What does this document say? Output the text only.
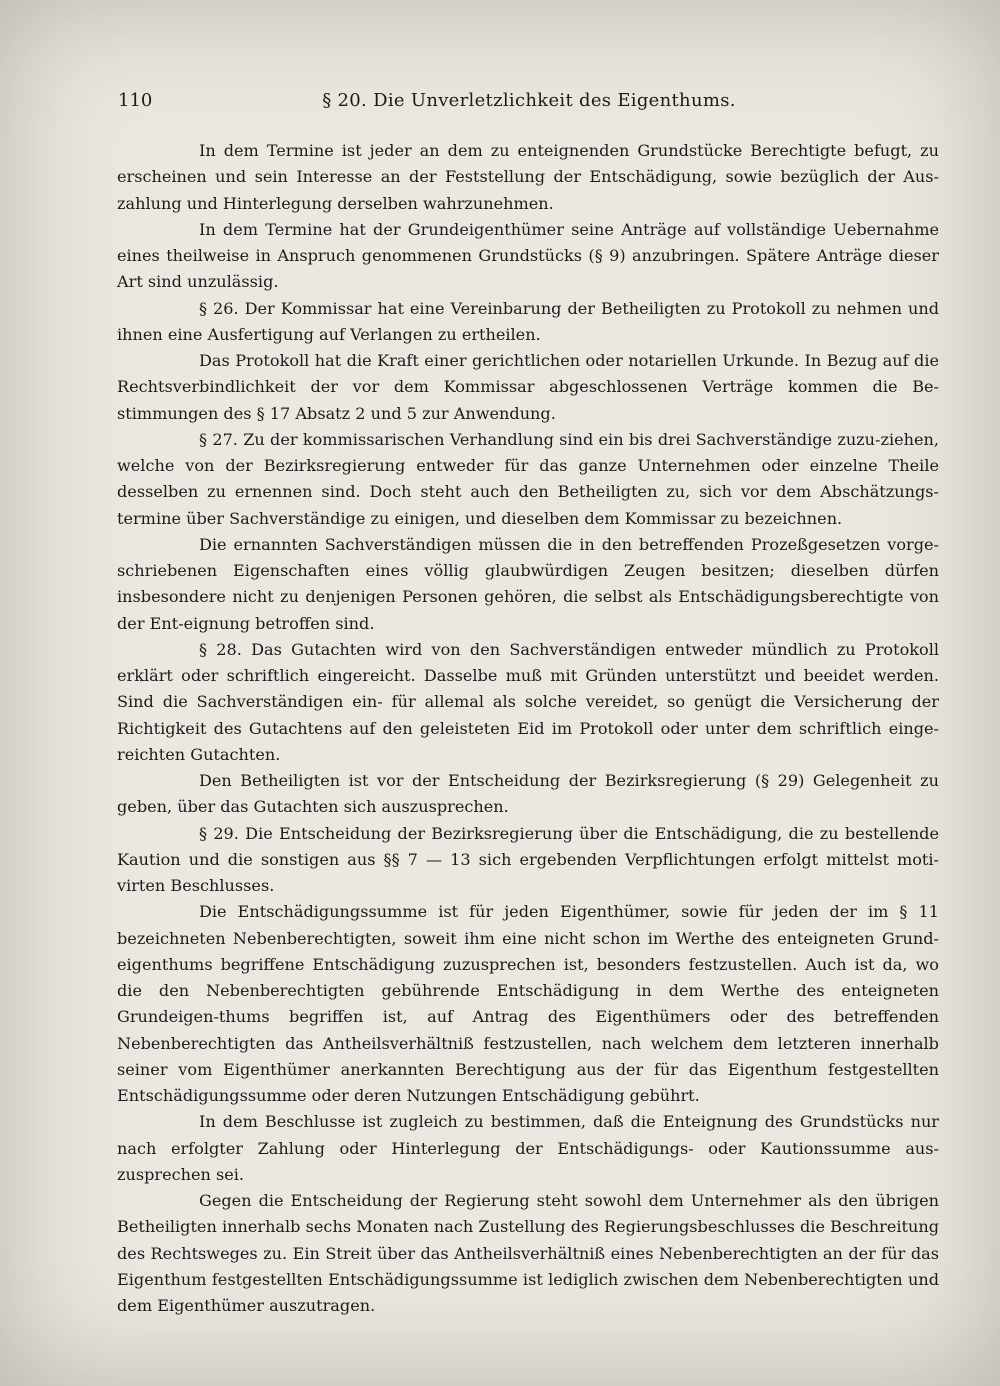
110	§ 20. Die Unverletzlichkeit des Eigenthums.

In dem Termine ist jeder an dem zu enteignenden Grundstücke Berechtigte befugt, zu erscheinen und sein Interesse an der Feststellung der Entschädigung, sowie bezüglich der Aus-zahlung und Hinterlegung derselben wahrzunehmen.

In dem Termine hat der Grundeigenthümer seine Anträge auf vollständige Uebernahme eines theilweise in Anspruch genommenen Grundstücks (§ 9) anzubringen. Spätere Anträge dieser Art sind unzulässig.

§ 26. Der Kommissar hat eine Vereinbarung der Betheiligten zu Protokoll zu nehmen und ihnen eine Ausfertigung auf Verlangen zu ertheilen.

Das Protokoll hat die Kraft einer gerichtlichen oder notariellen Urkunde. In Bezug auf die Rechtsverbindlichkeit der vor dem Kommissar abgeschlossenen Verträge kommen die Be-stimmungen des § 17 Absatz 2 und 5 zur Anwendung.

§ 27. Zu der kommissarischen Verhandlung sind ein bis drei Sachverständige zuzu-ziehen, welche von der Bezirksregierung entweder für das ganze Unternehmen oder einzelne Theile desselben zu ernennen sind. Doch steht auch den Betheiligten zu, sich vor dem Abschätzungs-termine über Sachverständige zu einigen, und dieselben dem Kommissar zu bezeichnen.

Die ernannten Sachverständigen müssen die in den betreffenden Prozeßgesetzen vorge-schriebenen Eigenschaften eines völlig glaubwürdigen Zeugen besitzen; dieselben dürfen insbesondere nicht zu denjenigen Personen gehören, die selbst als Entschädigungsberechtigte von der Ent-eignung betroffen sind.

§ 28. Das Gutachten wird von den Sachverständigen entweder mündlich zu Protokoll erklärt oder schriftlich eingereicht. Dasselbe muß mit Gründen unterstützt und beeidet werden. Sind die Sachverständigen ein- für allemal als solche vereidet, so genügt die Versicherung der Richtigkeit des Gutachtens auf den geleisteten Eid im Protokoll oder unter dem schriftlich einge-reichten Gutachten.

Den Betheiligten ist vor der Entscheidung der Bezirksregierung (§ 29) Gelegenheit zu geben, über das Gutachten sich auszusprechen.

§ 29. Die Entscheidung der Bezirksregierung über die Entschädigung, die zu bestellende Kaution und die sonstigen aus §§ 7 — 13 sich ergebenden Verpflichtungen erfolgt mittelst moti-virten Beschlusses.

Die Entschädigungssumme ist für jeden Eigenthümer, sowie für jeden der im § 11 bezeichneten Nebenberechtigten, soweit ihm eine nicht schon im Werthe des enteigneten Grund-eigenthums begriffene Entschädigung zuzusprechen ist, besonders festzustellen. Auch ist da, wo die den Nebenberechtigten gebührende Entschädigung in dem Werthe des enteigneten Grundeigen-thums begriffen ist, auf Antrag des Eigenthümers oder des betreffenden Nebenberechtigten das Antheilsverhältniß festzustellen, nach welchem dem letzteren innerhalb seiner vom Eigenthümer anerkannten Berechtigung aus der für das Eigenthum festgestellten Entschädigungssumme oder deren Nutzungen Entschädigung gebührt.

In dem Beschlusse ist zugleich zu bestimmen, daß die Enteignung des Grundstücks nur nach erfolgter Zahlung oder Hinterlegung der Entschädigungs- oder Kautionssumme aus-zusprechen sei.

Gegen die Entscheidung der Regierung steht sowohl dem Unternehmer als den übrigen Betheiligten innerhalb sechs Monaten nach Zustellung des Regierungsbeschlusses die Beschreitung des Rechtsweges zu. Ein Streit über das Antheilsverhältniß eines Nebenberechtigten an der für das Eigenthum festgestellten Entschädigungssumme ist lediglich zwischen dem Nebenberechtigten und dem Eigenthümer auszutragen.
